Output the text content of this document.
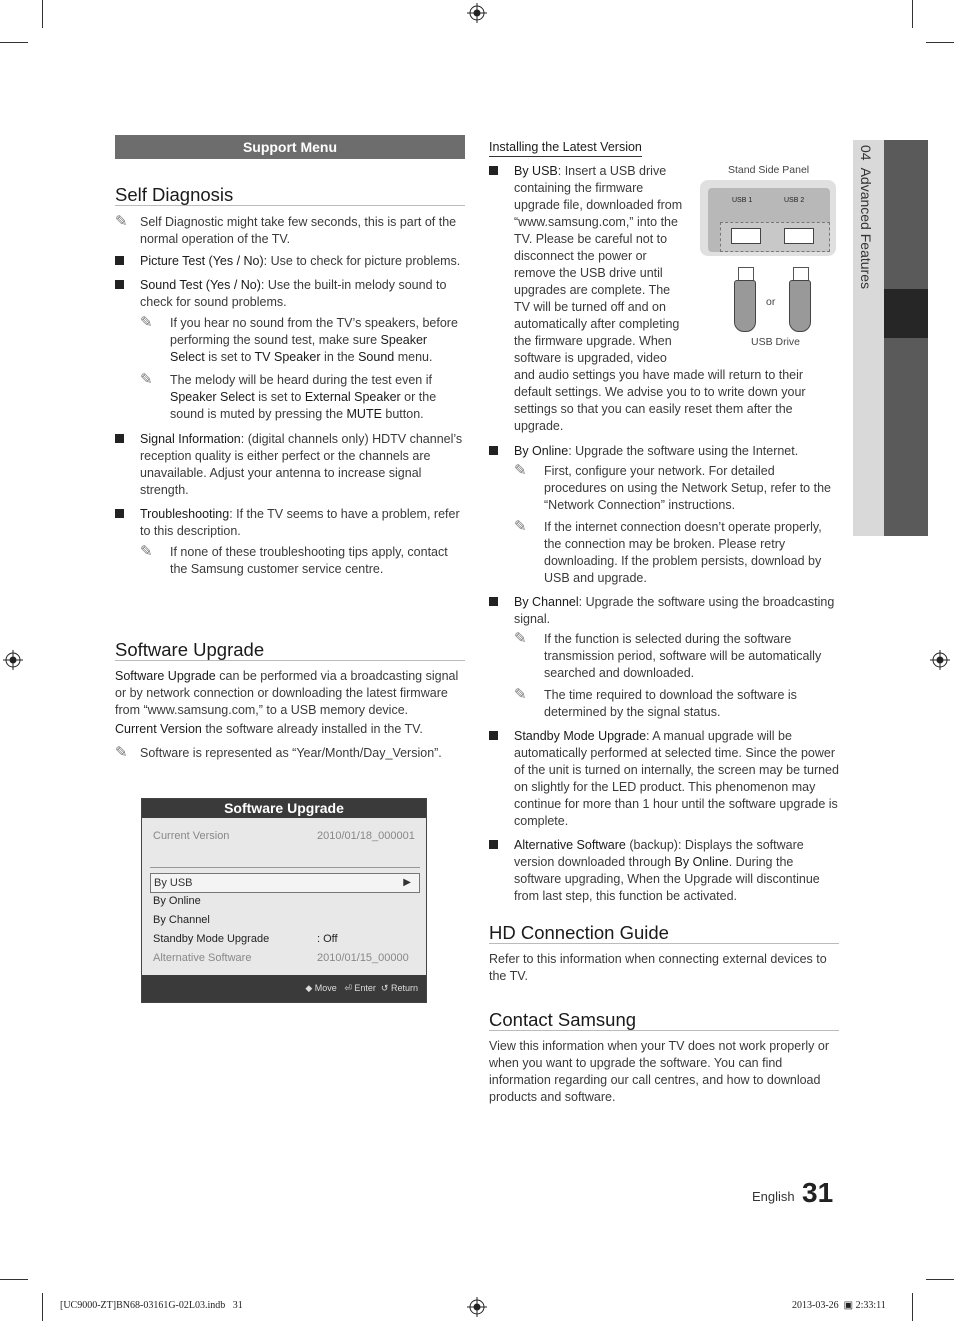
04  Advanced Features
Support Menu
Self Diagnosis
✎ Self Diagnostic might take few seconds, this is part of the normal operation of the TV.
Picture Test (Yes / No): Use to check for picture problems.
Sound Test (Yes / No): Use the built-in melody sound to check for sound problems.
✎ If you hear no sound from the TV’s speakers, before performing the sound test, make sure Speaker Select is set to TV Speaker in the Sound menu.
✎ The melody will be heard during the test even if Speaker Select is set to External Speaker or the sound is muted by pressing the MUTE button.
Signal Information: (digital channels only) HDTV channel’s reception quality is either perfect or the channels are unavailable. Adjust your antenna to increase signal strength.
Troubleshooting: If the TV seems to have a problem, refer to this description.
✎ If none of these troubleshooting tips apply, contact the Samsung customer service centre.
Software Upgrade
Software Upgrade can be performed via a broadcasting signal or by network connection or downloading the latest firmware from “www.samsung.com,” to a USB memory device.
Current Version the software already installed in the TV.
✎ Software is represented as “Year/Month/Day_Version”.
Software Upgrade
Current Version	2010/01/18_000001
By USB	▶
By Online
By Channel
Standby Mode Upgrade	: Off
Alternative Software	2010/01/15_00000
◆ Move ⏎ Enter ↺ Return
Installing the Latest Version
By USB: Insert a USB drive containing the firmware upgrade file, downloaded from “www.samsung.com,” into the TV. Please be careful not to disconnect the power or remove the USB drive until upgrades are complete. The TV will be turned off and on automatically after completing the firmware upgrade. When software is upgraded, video and audio settings you have made will return to their default settings. We advise you to to write down your settings so that you can easily reset them after the upgrade.
By Online: Upgrade the software using the Internet.
✎ First, configure your network. For detailed procedures on using the Network Setup, refer to the “Network Connection” instructions.
✎ If the internet connection doesn’t operate properly, the connection may be broken. Please retry downloading. If the problem persists, download by USB and upgrade.
By Channel: Upgrade the software using the broadcasting signal.
✎ If the function is selected during the software transmission period, software will be automatically searched and downloaded.
✎ The time required to download the software is determined by the signal status.
Standby Mode Upgrade: A manual upgrade will be automatically performed at selected time. Since the power of the unit is turned on internally, the screen may be turned on slightly for the LED product. This phenomenon may continue for more than 1 hour until the software upgrade is complete.
Alternative Software (backup): Displays the software version downloaded through By Online. During the software upgrading, When the Upgrade will discontinue from last step, this function be activated.
Stand Side Panel
USB 1	USB 2
or
USB Drive
HD Connection Guide
Refer to this information when connecting external devices to the TV.
Contact Samsung
View this information when your TV does not work properly or when you want to upgrade the software. You can find information regarding our call centres, and how to download products and software.
English 31
[UC9000-ZT]BN68-03161G-02L03.indb   31	2013-03-26 ▣ 2:33:11
